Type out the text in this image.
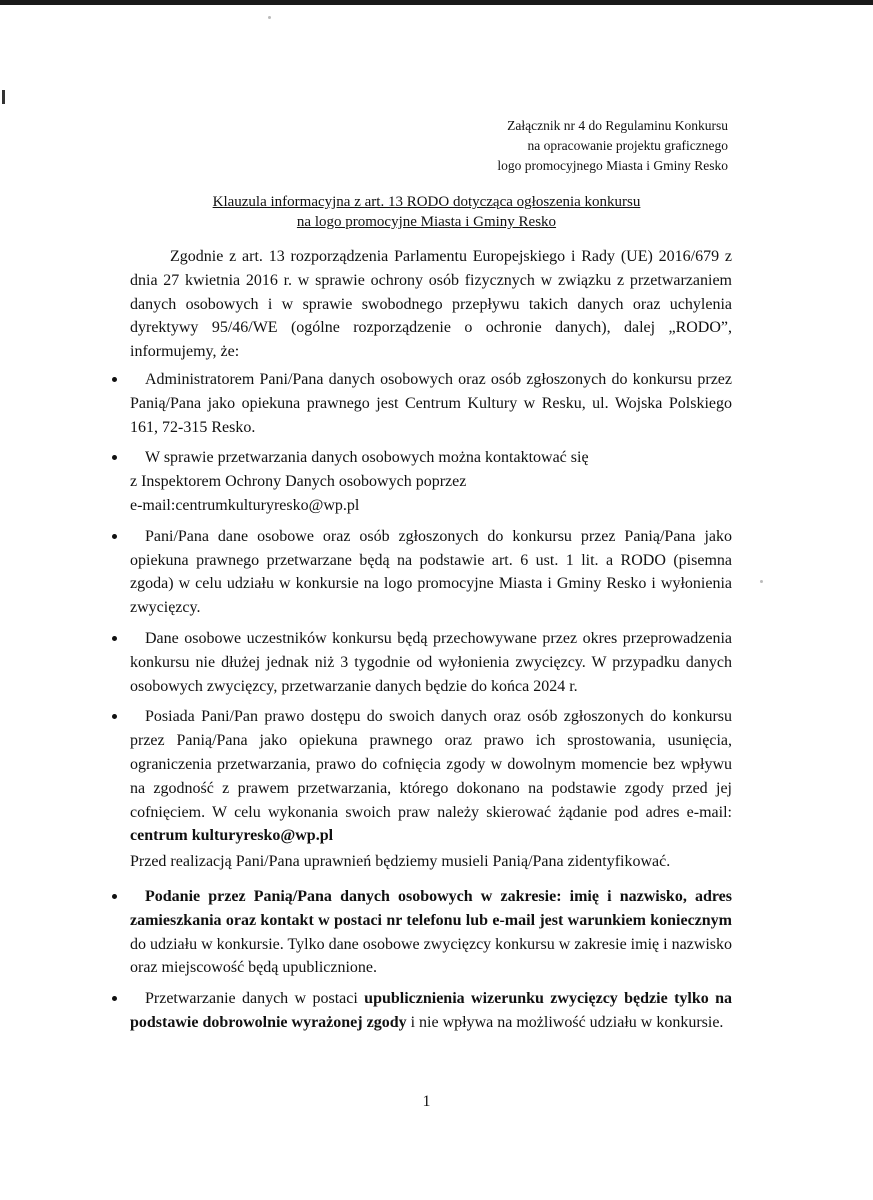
Załącznik nr 4 do Regulaminu Konkursu
na opracowanie projektu graficznego
logo promocyjnego Miasta i Gminy Resko
Klauzula informacyjna z art. 13 RODO dotycząca ogłoszenia konkursu
na logo promocyjne Miasta i Gminy Resko

Zgodnie z art. 13 rozporządzenia Parlamentu Europejskiego i Rady (UE) 2016/679 z dnia 27 kwietnia 2016 r. w sprawie ochrony osób fizycznych w związku z przetwarzaniem danych osobowych i w sprawie swobodnego przepływu takich danych oraz uchylenia dyrektywy 95/46/WE (ogólne rozporządzenie o ochronie danych), dalej „RODO”, informujemy, że:

Administratorem Pani/Pana danych osobowych oraz osób zgłoszonych do konkursu przez Panią/Pana jako opiekuna prawnego jest Centrum Kultury w Resku, ul. Wojska Polskiego 161, 72-315 Resko.
W sprawie przetwarzania danych osobowych można kontaktować się
z Inspektorem Ochrony Danych osobowych poprzez
e-mail:centrumkulturyresko@wp.pl
Pani/Pana dane osobowe oraz osób zgłoszonych do konkursu przez Panią/Pana jako opiekuna prawnego przetwarzane będą na podstawie art. 6 ust. 1 lit. a RODO (pisemna zgoda) w celu udziału w konkursie na logo promocyjne Miasta i Gminy Resko i wyłonienia zwycięzcy.
Dane osobowe uczestników konkursu będą przechowywane przez okres przeprowadzenia konkursu nie dłużej jednak niż 3 tygodnie od wyłonienia zwycięzcy. W przypadku danych osobowych zwycięzcy, przetwarzanie danych będzie do końca 2024 r.
Posiada Pani/Pan prawo dostępu do swoich danych oraz osób zgłoszonych do konkursu przez Panią/Pana jako opiekuna prawnego oraz prawo ich sprostowania, usunięcia, ograniczenia przetwarzania, prawo do cofnięcia zgody w dowolnym momencie bez wpływu na zgodność z prawem przetwarzania, którego dokonano na podstawie zgody przed jej cofnięciem. W celu wykonania swoich praw należy skierować żądanie pod adres e-mail: centrum kulturyresko@wp.pl
Przed realizacją Pani/Pana uprawnień będziemy musieli Panią/Pana zidentyfikować.
Podanie przez Panią/Pana danych osobowych w zakresie: imię i nazwisko, adres zamieszkania oraz kontakt w postaci nr telefonu lub e-mail jest warunkiem koniecznym do udziału w konkursie. Tylko dane osobowe zwycięzcy konkursu w zakresie imię i nazwisko oraz miejscowość będą upublicznione.
Przetwarzanie danych w postaci upublicznienia wizerunku zwycięzcy będzie tylko na podstawie dobrowolnie wyrażonej zgody i nie wpływa na możliwość udziału w konkursie.
1
